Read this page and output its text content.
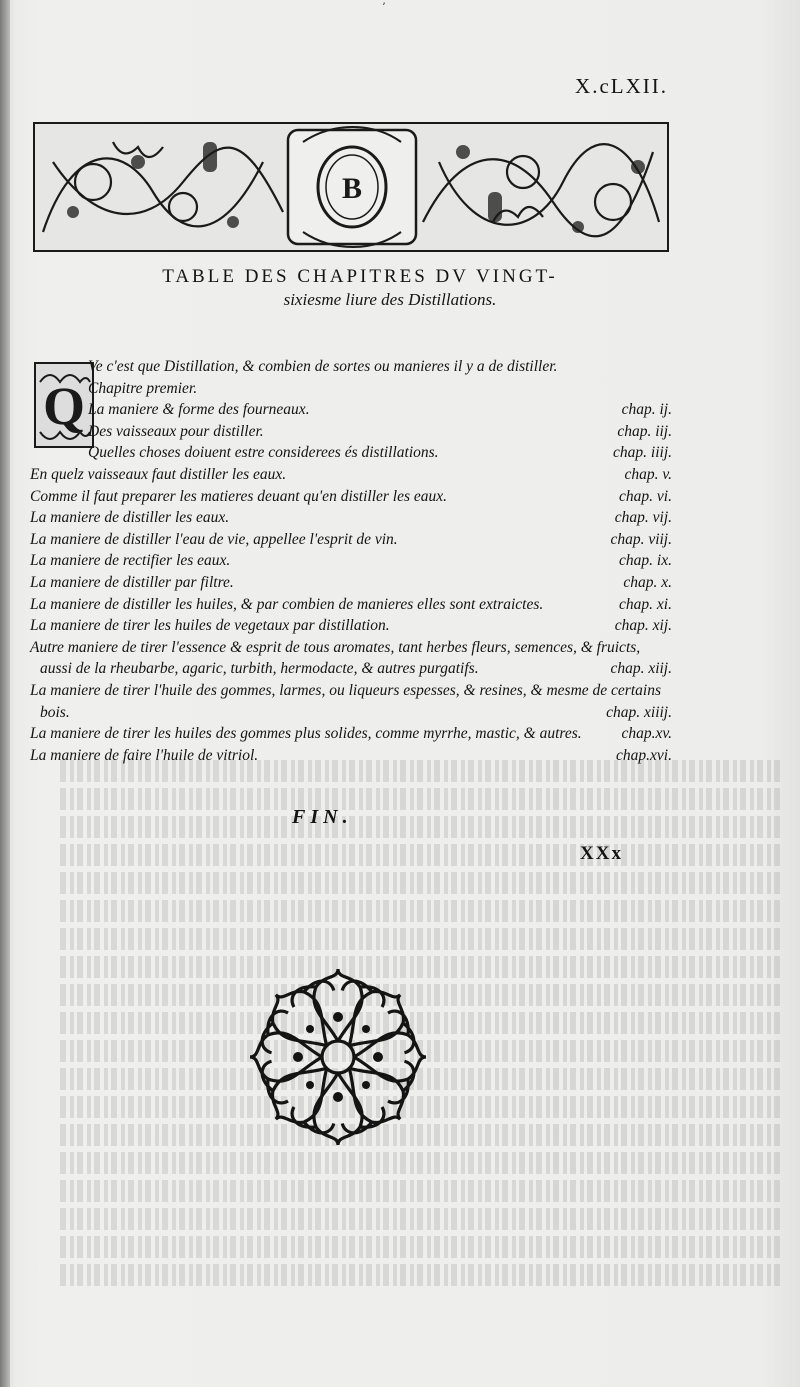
ʼ
X.cLXII.
B
TABLE DES CHAPITRES DV VINGT-
sixiesme liure des Distillations.
Q
Ve c'est que Distillation, & combien de sortes ou manieres il y a de distiller.
Chapitre premier.
La maniere & forme des fourneaux.	chap. ij.
Des vaisseaux pour distiller.	chap. iij.
Quelles choses doiuent estre considerees és distillations.	chap. iiij.
En quelz vaisseaux faut distiller les eaux.	chap. v.
Comme il faut preparer les matieres deuant qu'en distiller les eaux.	chap. vi.
La maniere de distiller les eaux.	chap. vij.
La maniere de distiller l'eau de vie, appellee l'esprit de vin.	chap. viij.
La maniere de rectifier les eaux.	chap. ix.
La maniere de distiller par filtre.	chap. x.
La maniere de distiller les huiles, & par combien de manieres elles sont extraictes.	chap. xi.
La maniere de tirer les huiles de vegetaux par distillation.	chap. xij.
Autre maniere de tirer l'essence & esprit de tous aromates, tant herbes fleurs, semences, & fruicts,
aussi de la rheubarbe, agaric, turbith, hermodacte, & autres purgatifs.	chap. xiij.
La maniere de tirer l'huile des gommes, larmes, ou liqueurs espesses, & resines, & mesme de certains
bois.	chap. xiiij.
La maniere de tirer les huiles des gommes plus solides, comme myrrhe, mastic, & autres.	chap.xv.
La maniere de faire l'huile de vitriol.	chap.xvi.
FIN.
XXx
